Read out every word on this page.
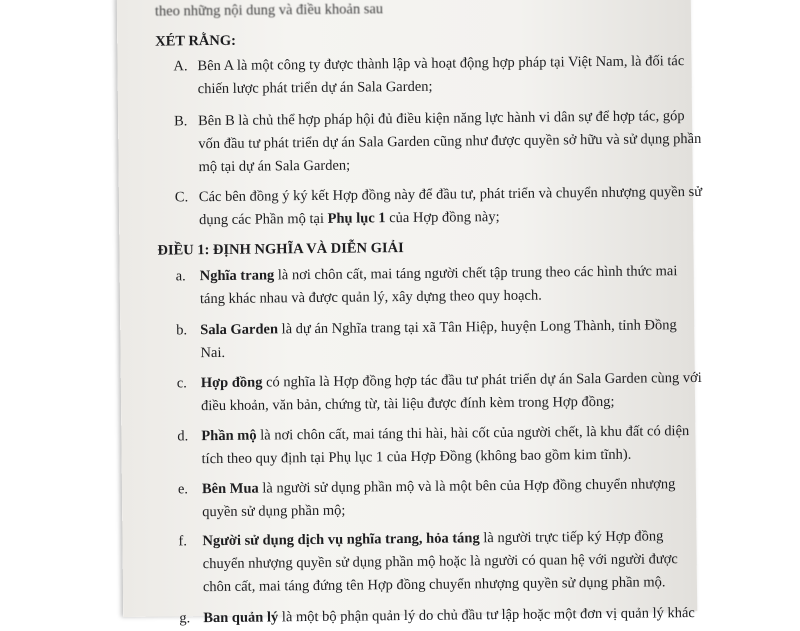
theo những nội dung và điều khoản sau
XÉT RẰNG:
A. Bên A là một công ty được thành lập và hoạt động hợp pháp tại Việt Nam, là đối tác
chiến lược phát triển dự án Sala Garden;
B. Bên B là chủ thể hợp pháp hội đủ điều kiện năng lực hành vi dân sự để hợp tác, góp
vốn đầu tư phát triển dự án Sala Garden cũng như được quyền sở hữu và sử dụng phần
mộ tại dự án Sala Garden;
C. Các bên đồng ý ký kết Hợp đồng này để đầu tư, phát triển và chuyển nhượng quyền sử
dụng các Phần mộ tại Phụ lục 1 của Hợp đồng này;
ĐIỀU 1: ĐỊNH NGHĨA VÀ DIỄN GIẢI
a. Nghĩa trang là nơi chôn cất, mai táng người chết tập trung theo các hình thức mai
táng khác nhau và được quản lý, xây dựng theo quy hoạch.
b. Sala Garden là dự án Nghĩa trang tại xã Tân Hiệp, huyện Long Thành, tỉnh Đồng
Nai.
c. Hợp đồng có nghĩa là Hợp đồng hợp tác đầu tư phát triển dự án Sala Garden cùng với
điều khoản, văn bản, chứng từ, tài liệu được đính kèm trong Hợp đồng;
d. Phần mộ là nơi chôn cất, mai táng thi hài, hài cốt của người chết, là khu đất có diện
tích theo quy định tại Phụ lục 1 của Hợp Đồng (không bao gồm kim tĩnh).
e. Bên Mua là người sử dụng phần mộ và là một bên của Hợp đồng chuyển nhượng
quyền sử dụng phần mộ;
f. Người sử dụng dịch vụ nghĩa trang, hỏa táng là người trực tiếp ký Hợp đồng
chuyển nhượng quyền sử dụng phần mộ hoặc là người có quan hệ với người được
chôn cất, mai táng đứng tên Hợp đồng chuyển nhượng quyền sử dụng phần mộ.
g. Ban quản lý là một bộ phận quản lý do chủ đầu tư lập hoặc một đơn vị quản lý khác
